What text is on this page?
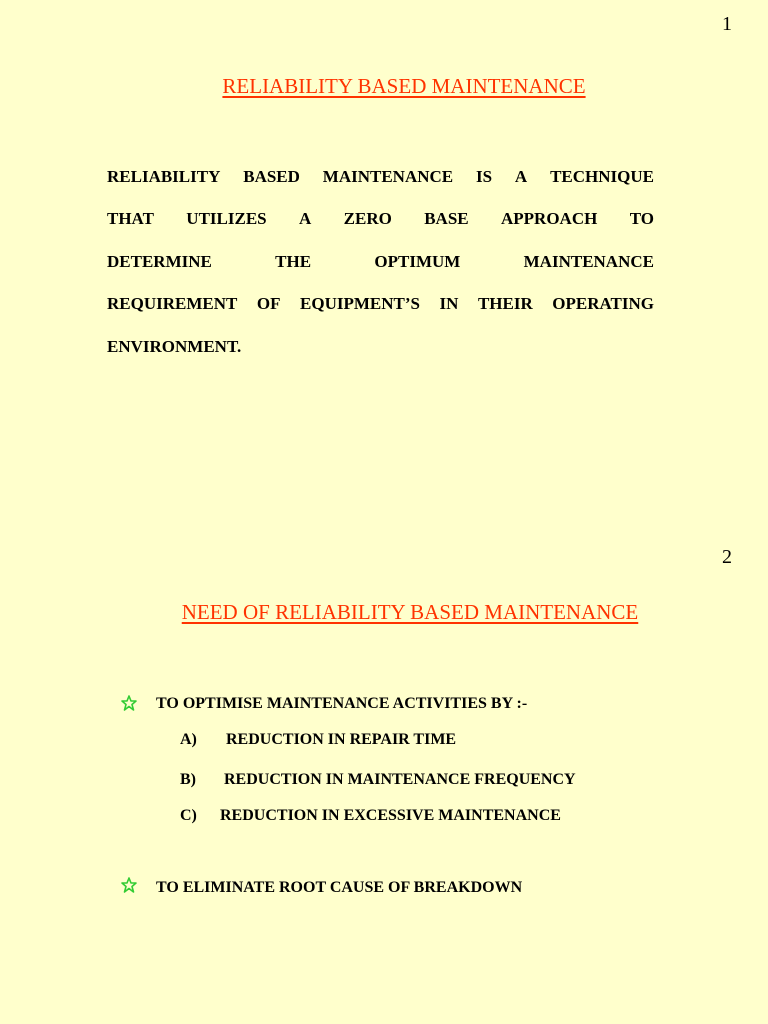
1
RELIABILITY BASED MAINTENANCE
RELIABILITY BASED MAINTENANCE IS A TECHNIQUE
THAT UTILIZES A ZERO BASE APPROACH TO
DETERMINE	THE	OPTIMUM	MAINTENANCE
REQUIREMENT OF EQUIPMENT’S IN THEIR OPERATING
ENVIRONMENT.
2
NEED OF RELIABILITY BASED MAINTENANCE
TO OPTIMISE MAINTENANCE ACTIVITIES BY :-
A) REDUCTION IN REPAIR TIME
B) REDUCTION IN MAINTENANCE FREQUENCY
C) REDUCTION IN EXCESSIVE MAINTENANCE
TO ELIMINATE ROOT CAUSE OF BREAKDOWN
